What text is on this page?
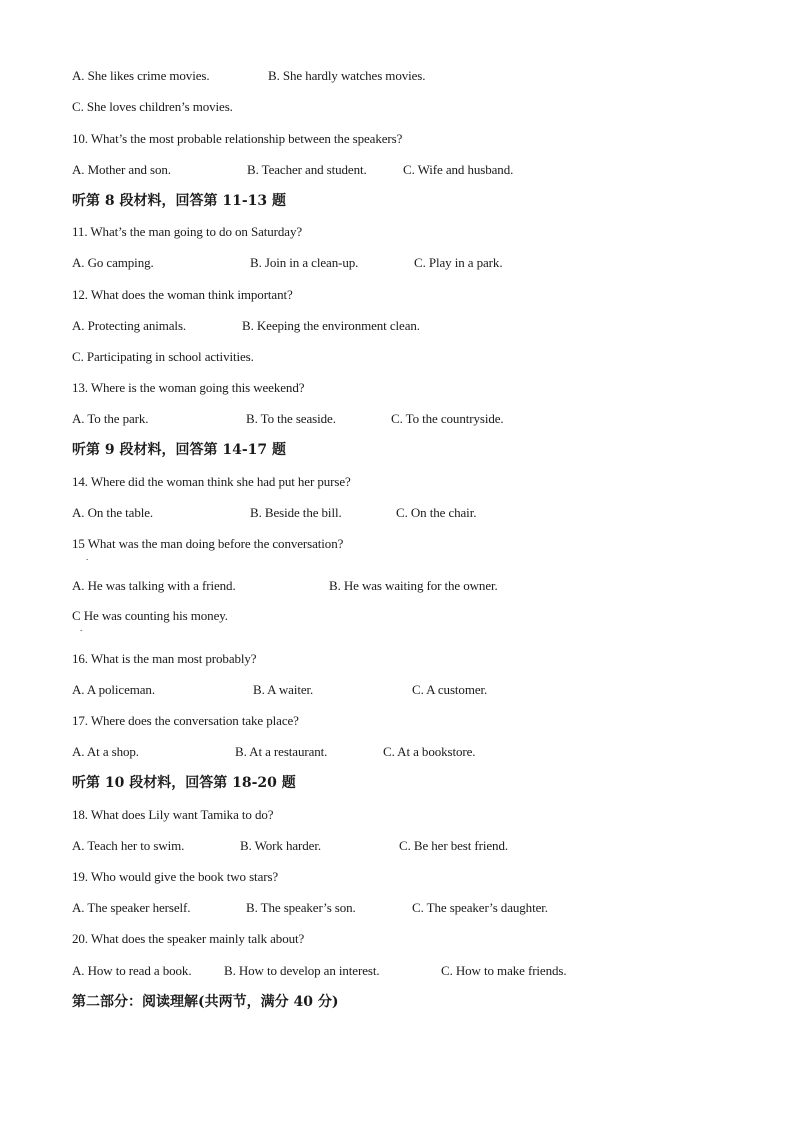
A. She likes crime movies.	B. She hardly watches movies.
C. She loves children’s movies.
10. What’s the most probable relationship between the speakers?
A. Mother and son.	B. Teacher and student.	C. Wife and husband.
听第 8 段材料，回答第 11-13 题
11. What’s the man going to do on Saturday?
A. Go camping.	B. Join in a clean-up.	C. Play in a park.
12. What does the woman think important?
A. Protecting animals.	B. Keeping the environment clean.
C. Participating in school activities.
13. Where is the woman going this weekend?
A. To the park.	B. To the seaside.	C. To the countryside.
听第 9 段材料，回答第 14-17 题
14. Where did the woman think she had put her purse?
A. On the table.	B. Beside the bill.	C. On the chair.
15 What was the man doing before the conversation?
.
A. He was talking with a friend.	B. He was waiting for the owner.
C He was counting his money.
.
16. What is the man most probably?
A. A policeman.	B. A waiter.	C. A customer.
17. Where does the conversation take place?
A. At a shop.	B. At a restaurant.	C. At a bookstore.
听第 10 段材料，回答第 18-20 题
18. What does Lily want Tamika to do?
A. Teach her to swim.	B. Work harder.	C. Be her best friend.
19. Who would give the book two stars?
A. The speaker herself.	B. The speaker’s son.	C. The speaker’s daughter.
20. What does the speaker mainly talk about?
A. How to read a book.	B. How to develop an interest.	C. How to make friends.
第二部分：阅读理解(共两节，满分 40 分)
